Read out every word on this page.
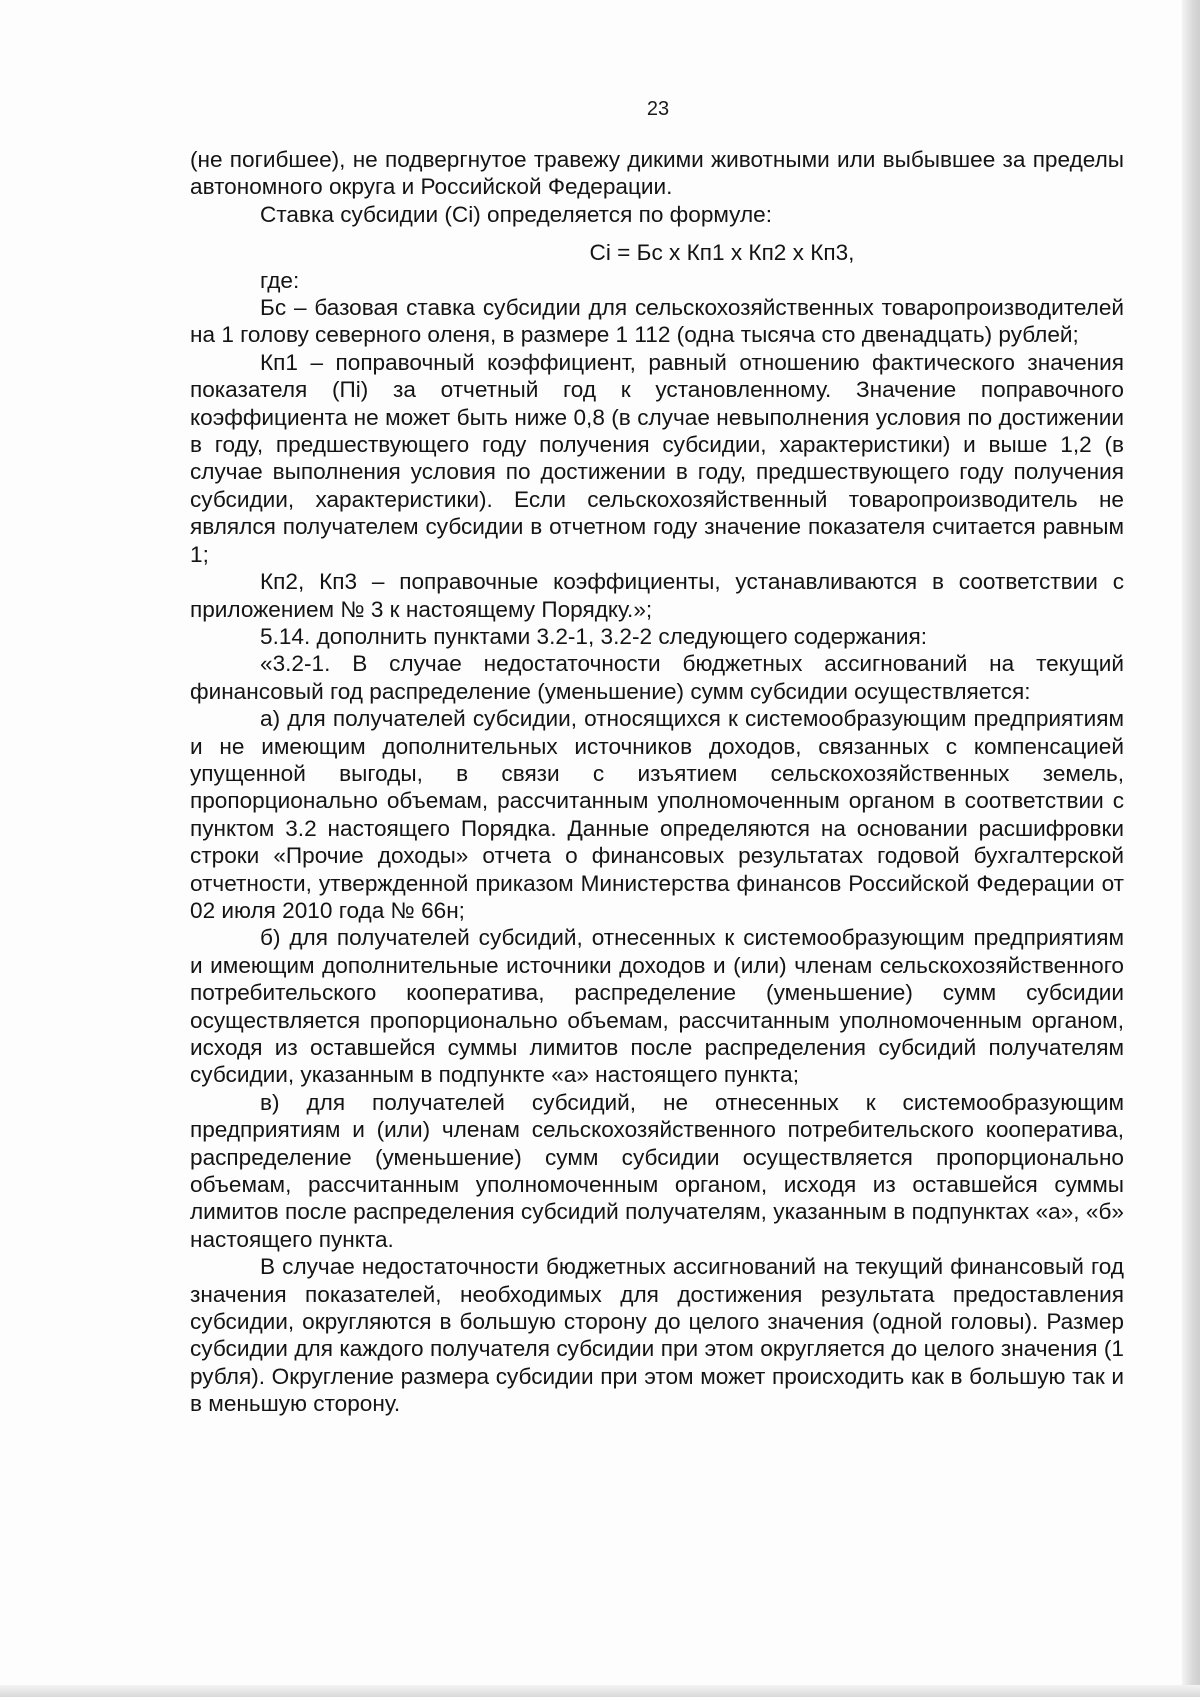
23

(не погибшее), не подвергнутое травежу дикими животными или выбывшее за пределы автономного округа и Российской Федерации.

Ставка субсидии (Ci) определяется по формуле:

Ci = Бс x Кп1 x Кп2 x Кп3,

где:

Бс – базовая ставка субсидии для сельскохозяйственных товаропроизводителей на 1 голову северного оленя, в размере 1 112 (одна тысяча сто двенадцать) рублей;

Кп1 – поправочный коэффициент, равный отношению фактического значения показателя (Пi) за отчетный год к установленному. Значение поправочного коэффициента не может быть ниже 0,8 (в случае невыполнения условия по достижении в году, предшествующего году получения субсидии, характеристики) и выше 1,2 (в случае выполнения условия по достижении в году, предшествующего году получения субсидии, характеристики). Если сельскохозяйственный товаропроизводитель не являлся получателем субсидии в отчетном году значение показателя считается равным 1;

Кп2, Кп3 – поправочные коэффициенты, устанавливаются в соответствии с приложением № 3 к настоящему Порядку.»;

5.14. дополнить пунктами 3.2-1, 3.2-2 следующего содержания:

«3.2-1. В случае недостаточности бюджетных ассигнований на текущий финансовый год распределение (уменьшение) сумм субсидии осуществляется:

а) для получателей субсидии, относящихся к системообразующим предприятиям и не имеющим дополнительных источников доходов, связанных с компенсацией упущенной выгоды, в связи с изъятием сельскохозяйственных земель, пропорционально объемам, рассчитанным уполномоченным органом в соответствии с пунктом 3.2 настоящего Порядка. Данные определяются на основании расшифровки строки «Прочие доходы» отчета о финансовых результатах годовой бухгалтерской отчетности, утвержденной приказом Министерства финансов Российской Федерации от 02 июля 2010 года № 66н;

б) для получателей субсидий, отнесенных к системообразующим предприятиям и имеющим дополнительные источники доходов и (или) членам сельскохозяйственного потребительского кооператива, распределение (уменьшение) сумм субсидии осуществляется пропорционально объемам, рассчитанным уполномоченным органом, исходя из оставшейся суммы лимитов после распределения субсидий получателям субсидии, указанным в подпункте «а» настоящего пункта;

в) для получателей субсидий, не отнесенных к системообразующим предприятиям и (или) членам сельскохозяйственного потребительского кооператива, распределение (уменьшение) сумм субсидии осуществляется пропорционально объемам, рассчитанным уполномоченным органом, исходя из оставшейся суммы лимитов после распределения субсидий получателям, указанным в подпунктах «а», «б» настоящего пункта.

В случае недостаточности бюджетных ассигнований на текущий финансовый год значения показателей, необходимых для достижения результата предоставления субсидии, округляются в большую сторону до целого значения (одной головы). Размер субсидии для каждого получателя субсидии при этом округляется до целого значения (1 рубля). Округление размера субсидии при этом может происходить как в большую так и в меньшую сторону.
